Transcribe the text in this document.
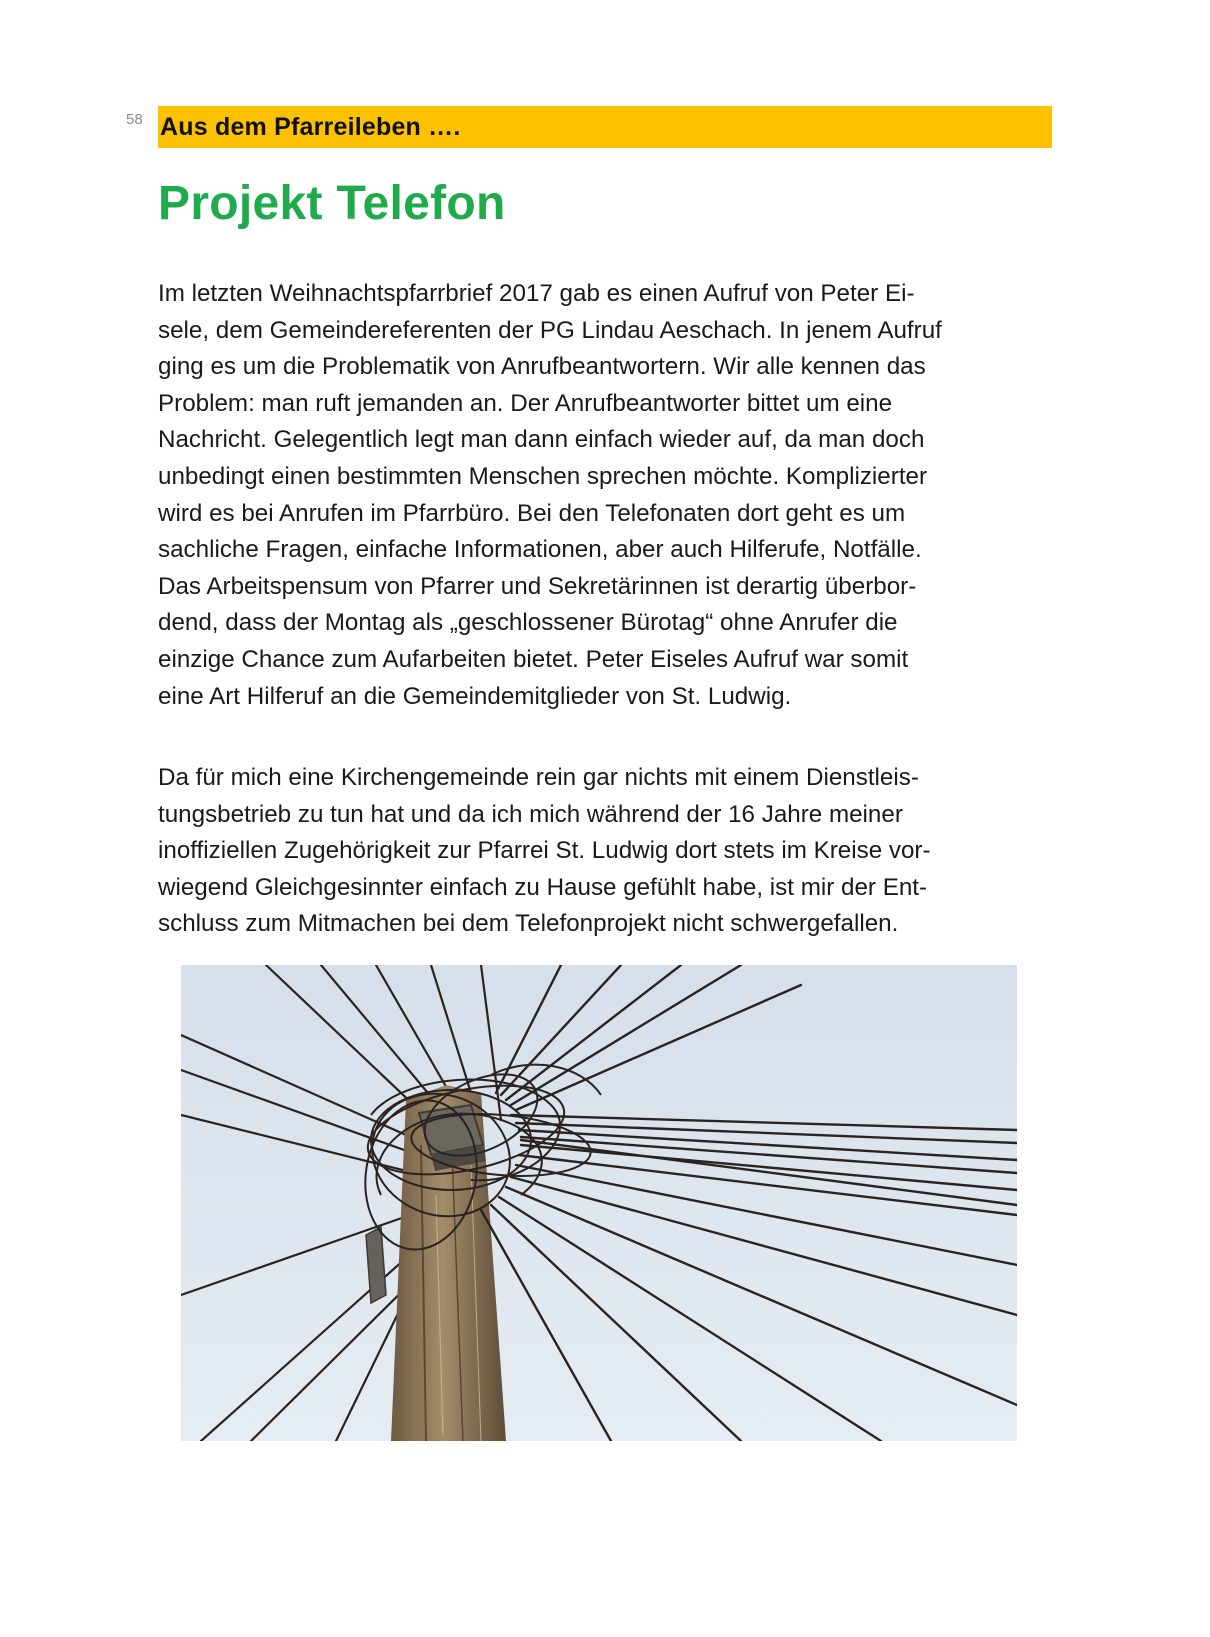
58 Aus dem Pfarreileben ….
Projekt Telefon

Im letzten Weihnachtspfarrbrief 2017 gab es einen Aufruf von Peter Ei-
sele, dem Gemeindereferenten der PG Lindau Aeschach. In jenem Aufruf
ging es um die Problematik von Anrufbeantwortern. Wir alle kennen das
Problem: man ruft jemanden an. Der Anrufbeantworter bittet um eine
Nachricht. Gelegentlich legt man dann einfach wieder auf, da man doch
unbedingt einen bestimmten Menschen sprechen möchte. Komplizierter
wird es bei Anrufen im Pfarrbüro. Bei den Telefonaten dort geht es um
sachliche Fragen, einfache Informationen, aber auch Hilferufe, Notfälle.
Das Arbeitspensum von Pfarrer und Sekretärinnen ist derartig überbor-
dend, dass der Montag als „geschlossener Bürotag“ ohne Anrufer die
einzige Chance zum Aufarbeiten bietet. Peter Eiseles Aufruf war somit
eine Art Hilferuf an die Gemeindemitglieder von St. Ludwig.

Da für mich eine Kirchengemeinde rein gar nichts mit einem Dienstleis-
tungsbetrieb zu tun hat und da ich mich während der 16 Jahre meiner
inoffiziellen Zugehörigkeit zur Pfarrei St. Ludwig dort stets im Kreise vor-
wiegend Gleichgesinnter einfach zu Hause gefühlt habe, ist mir der Ent-
schluss zum Mitmachen bei dem Telefonprojekt nicht schwergefallen.
